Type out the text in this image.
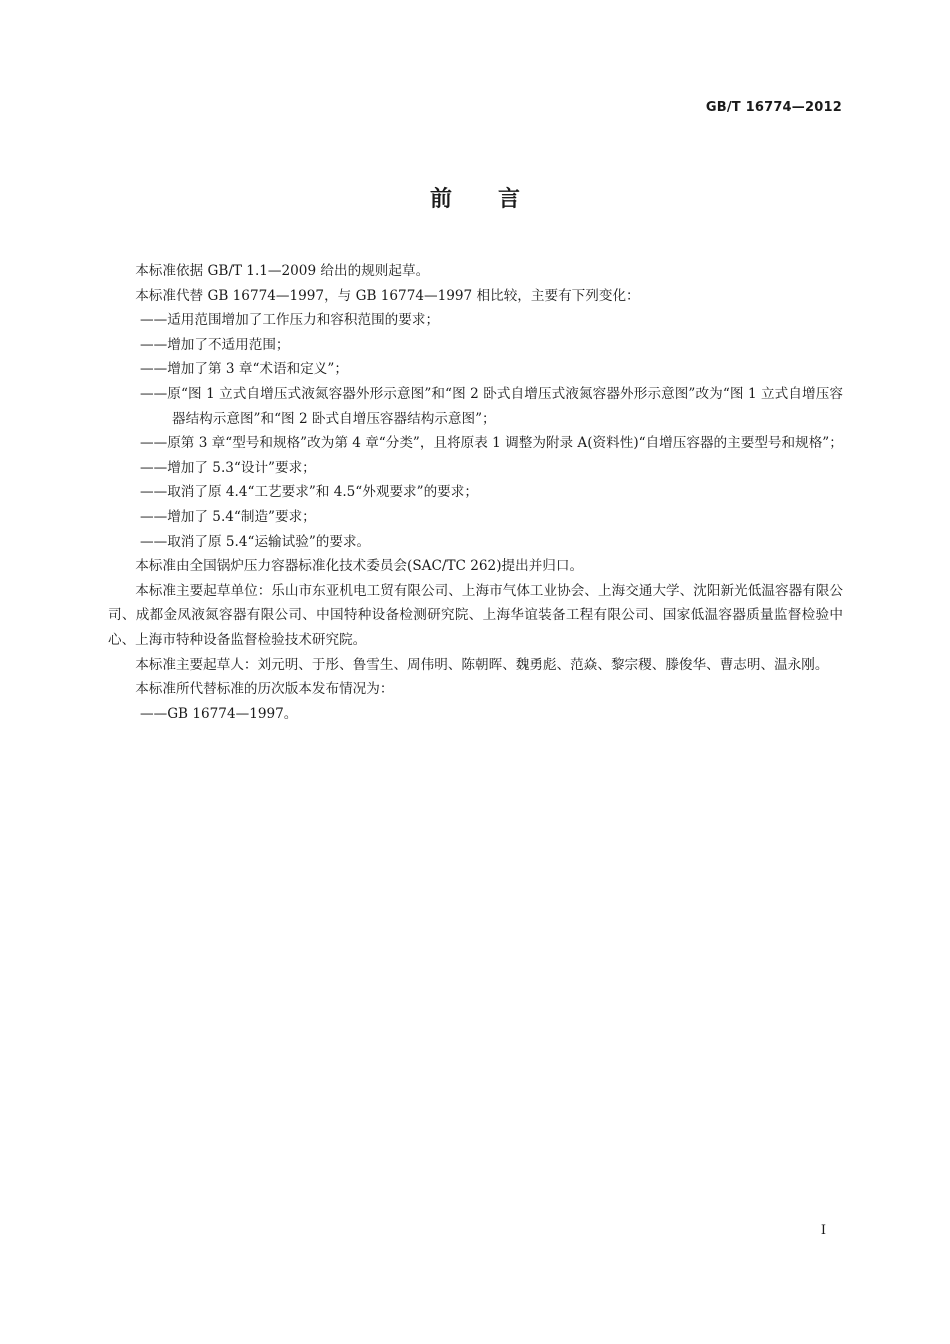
GB/T 16774—2012
前言

本标准依据 GB/T 1.1—2009 给出的规则起草。

本标准代替 GB 16774—1997，与 GB 16774—1997 相比较，主要有下列变化：

——适用范围增加了工作压力和容积范围的要求；

——增加了不适用范围；

——增加了第 3 章“术语和定义”；

——原“图 1 立式自增压式液氮容器外形示意图”和“图 2 卧式自增压式液氮容器外形示意图”改为“图 1 立式自增压容器结构示意图”和“图 2 卧式自增压容器结构示意图”；

——原第 3 章“型号和规格”改为第 4 章“分类”，且将原表 1 调整为附录 A(资料性)“自增压容器的主要型号和规格”；

——增加了 5.3“设计”要求；

——取消了原 4.4“工艺要求”和 4.5“外观要求”的要求；

——增加了 5.4“制造”要求；

——取消了原 5.4“运输试验”的要求。

本标准由全国锅炉压力容器标准化技术委员会(SAC/TC 262)提出并归口。

本标准主要起草单位：乐山市东亚机电工贸有限公司、上海市气体工业协会、上海交通大学、沈阳新光低温容器有限公司、成都金凤液氮容器有限公司、中国特种设备检测研究院、上海华谊装备工程有限公司、国家低温容器质量监督检验中心、上海市特种设备监督检验技术研究院。

本标准主要起草人：刘元明、于彤、鲁雪生、周伟明、陈朝晖、魏勇彪、范焱、黎宗稷、滕俊华、曹志明、温永刚。

本标准所代替标准的历次版本发布情况为：

——GB 16774—1997。

I
